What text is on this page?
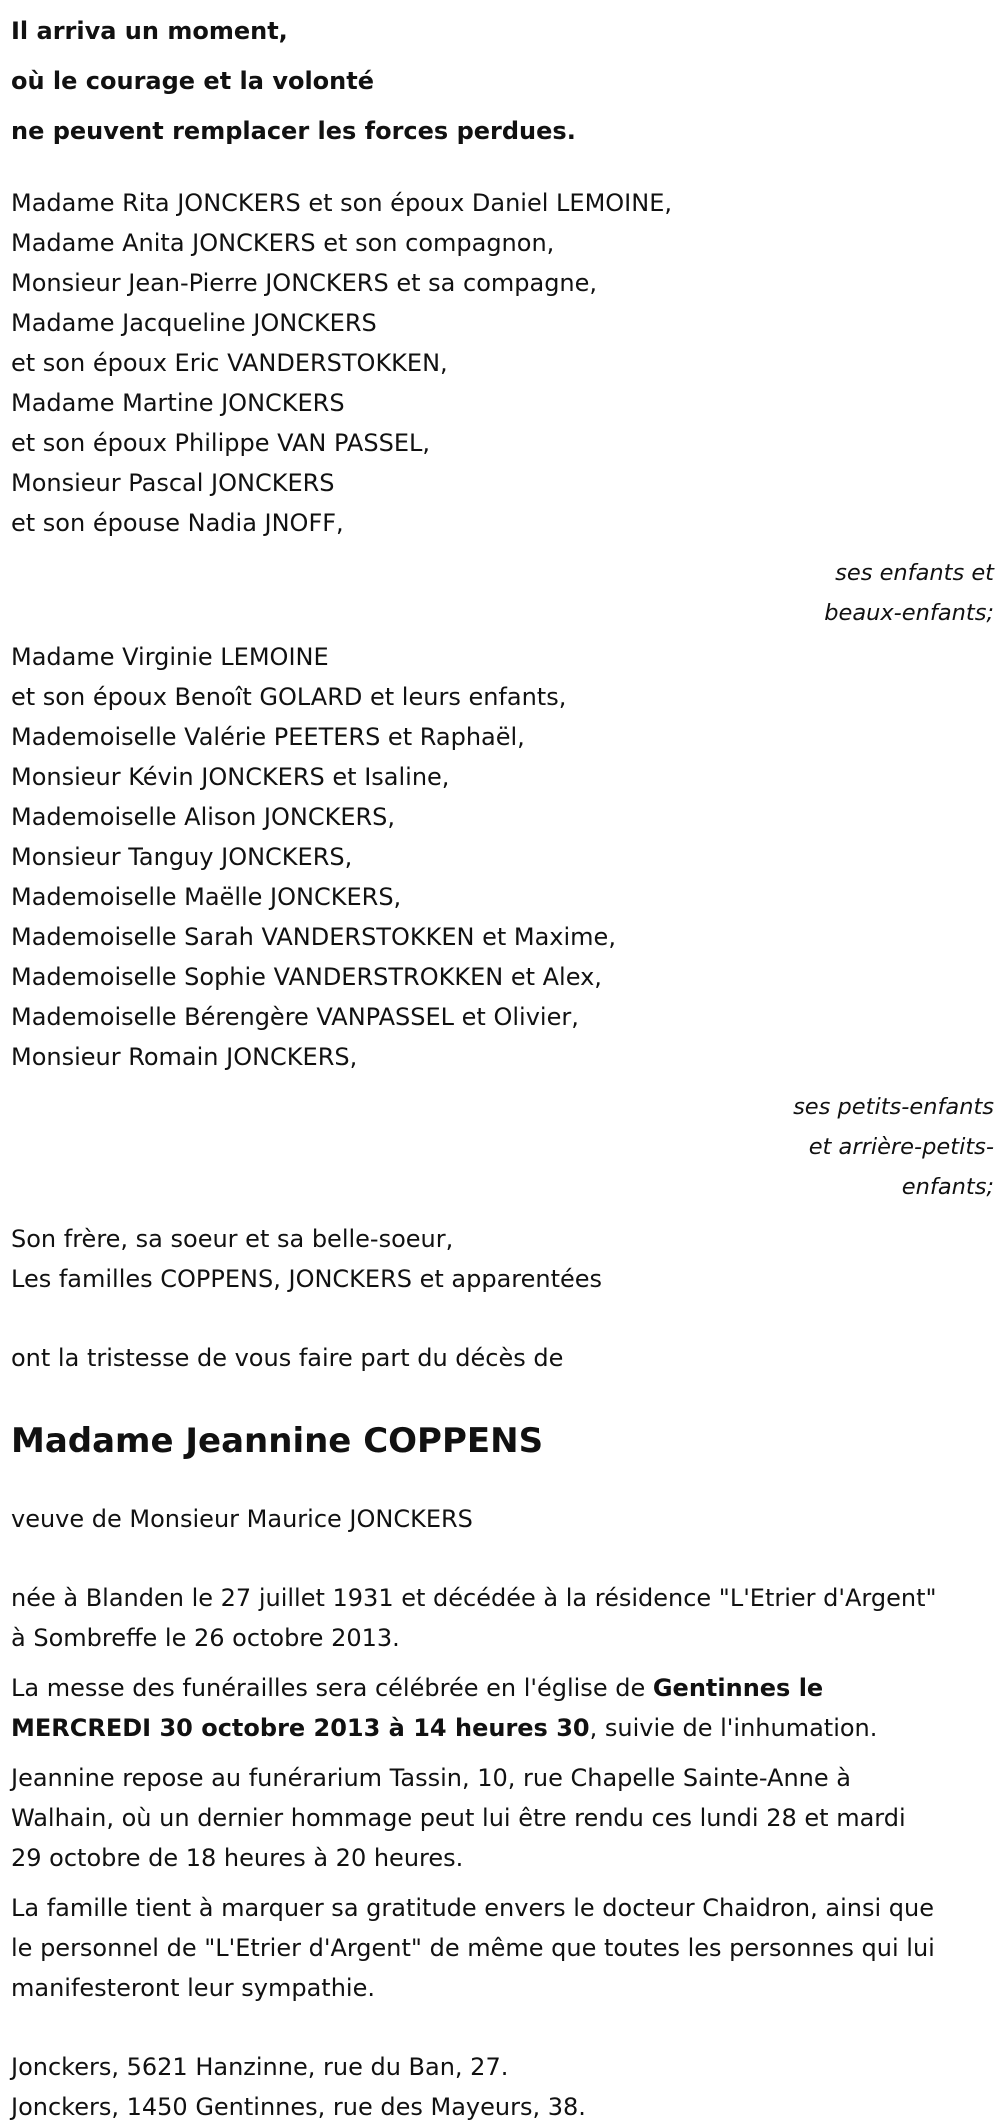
Il arriva un moment,
où le courage et la volonté
ne peuvent remplacer les forces perdues.
Madame Rita JONCKERS et son époux Daniel LEMOINE,
Madame Anita JONCKERS et son compagnon,
Monsieur Jean-Pierre JONCKERS et sa compagne,
Madame Jacqueline JONCKERS
et son époux Eric VANDERSTOKKEN,
Madame Martine JONCKERS
et son époux Philippe VAN PASSEL,
Monsieur Pascal JONCKERS
et son épouse Nadia JNOFF,
ses enfants et
beaux-enfants;
Madame Virginie LEMOINE
et son époux Benoît GOLARD et leurs enfants,
Mademoiselle Valérie PEETERS et Raphaël,
Monsieur Kévin JONCKERS et Isaline,
Mademoiselle Alison JONCKERS,
Monsieur Tanguy JONCKERS,
Mademoiselle Maëlle JONCKERS,
Mademoiselle Sarah VANDERSTOKKEN et Maxime,
Mademoiselle Sophie VANDERSTROKKEN et Alex,
Mademoiselle Bérengère VANPASSEL et Olivier,
Monsieur Romain JONCKERS,
ses petits-enfants
et arrière-petits-
enfants;
Son frère, sa soeur et sa belle-soeur,
Les familles COPPENS, JONCKERS et apparentées
ont la tristesse de vous faire part du décès de
Madame Jeannine COPPENS
veuve de Monsieur Maurice JONCKERS
née à Blanden le 27 juillet 1931 et décédée à la résidence "L'Etrier d'Argent" à Sombreffe le 26 octobre 2013.
La messe des funérailles sera célébrée en l'église de Gentinnes le MERCREDI 30 octobre 2013 à 14 heures 30, suivie de l'inhumation.
Jeannine repose au funérarium Tassin, 10, rue Chapelle Sainte-Anne à Walhain, où un dernier hommage peut lui être rendu ces lundi 28 et mardi 29 octobre de 18 heures à 20 heures.
La famille tient à marquer sa gratitude envers le docteur Chaidron, ainsi que le personnel de "L'Etrier d'Argent" de même que toutes les personnes qui lui manifesteront leur sympathie.
Jonckers, 5621 Hanzinne, rue du Ban, 27.
Jonckers, 1450 Gentinnes, rue des Mayeurs, 38.
